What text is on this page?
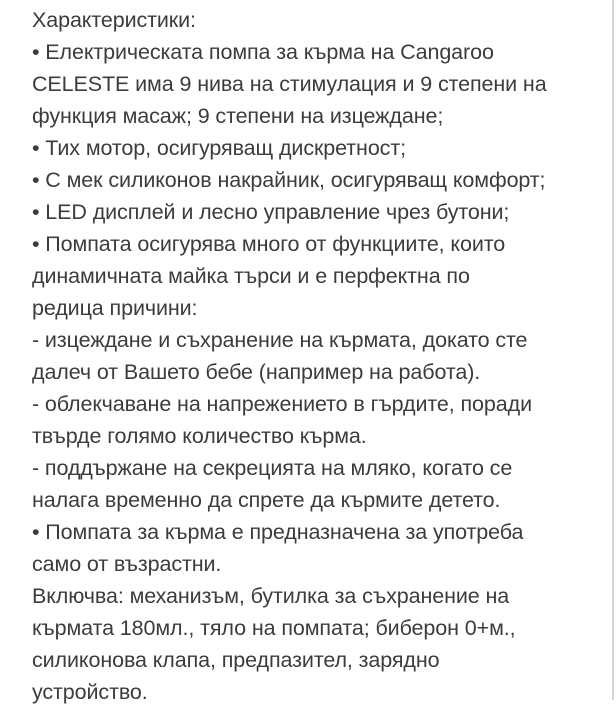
Характеристики:
• Електрическата помпа за кърма на Cangaroo
CELESTE има 9 нива на стимулация и 9 степени на
функция масаж; 9 степени на изцеждане;
• Тих мотор, осигуряващ дискретност;
• С мек силиконов накрайник, осигуряващ комфорт;
• LED дисплей и лесно управление чрез бутони;
• Помпата осигурява много от функциите, които
динамичната майка търси и е перфектна по
редица причини:
- изцеждане и съхранение на кърмата, докато сте
далеч от Вашето бебе (например на работа).
- облекчаване на напрежението в гърдите, поради
твърде голямо количество кърма.
- поддържане на секрецията на мляко, когато се
налага временно да спрете да кърмите детето.
• Помпата за кърма е предназначена за употреба
само от възрастни.
Включва: механизъм, бутилка за съхранение на
кърмата 180мл., тяло на помпата; биберон 0+м.,
силиконова клапа, предпазител, зарядно
устройство.
